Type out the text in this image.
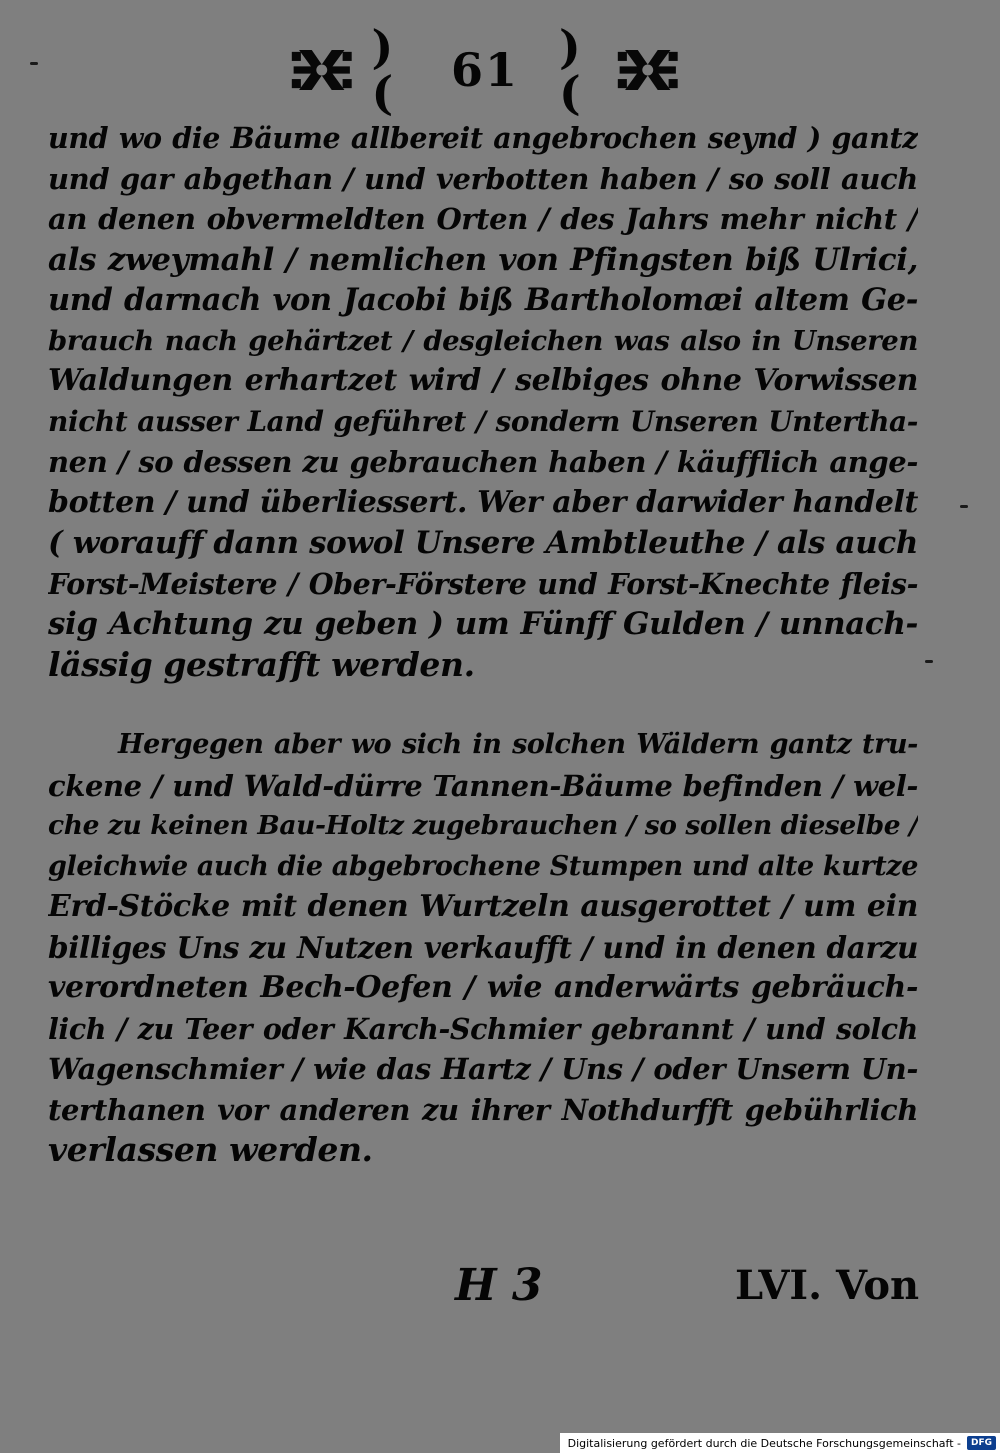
)(	61 )(
und wo die Bäume allbereit angebrochen seynd ) gantz
und gar abgethan / und verbotten haben / so soll auch
an denen obvermeldten Orten / des Jahrs mehr nicht /
als zweymahl / nemlichen von Pfingsten biß Ulrici,
und darnach von Jacobi biß Bartholomæi altem Ge-
brauch nach gehärtzet / desgleichen was also in Unseren
Waldungen erhartzet wird / selbiges ohne Vorwissen
nicht ausser Land geführet / sondern Unseren Untertha-
nen / so dessen zu gebrauchen haben / käufflich ange-
botten / und überliessert. Wer aber darwider handelt
( worauff dann sowol Unsere Ambtleuthe / als auch
Forst-Meistere / Ober-Förstere und Forst-Knechte fleis-
sig Achtung zu geben ) um Fünff Gulden / unnach-
lässig gestrafft werden.
Hergegen aber wo sich in solchen Wäldern gantz tru-
ckene / und Wald-dürre Tannen-Bäume befinden / wel-
che zu keinen Bau-Holtz zugebrauchen / so sollen dieselbe /
gleichwie auch die abgebrochene Stumpen und alte kurtze
Erd-Stöcke mit denen Wurtzeln ausgerottet / um ein
billiges Uns zu Nutzen verkaufft / und in denen darzu
verordneten Bech-Oefen / wie anderwärts gebräuch-
lich / zu Teer oder Karch-Schmier gebrannt / und solch
Wagenschmier / wie das Hartz / Uns / oder Unsern Un-
terthanen vor anderen zu ihrer Nothdurfft gebührlich
verlassen werden.
H 3	LVI. Von
Digitalisierung gefördert durch die Deutsche Forschungsgemeinschaft -	DFG
